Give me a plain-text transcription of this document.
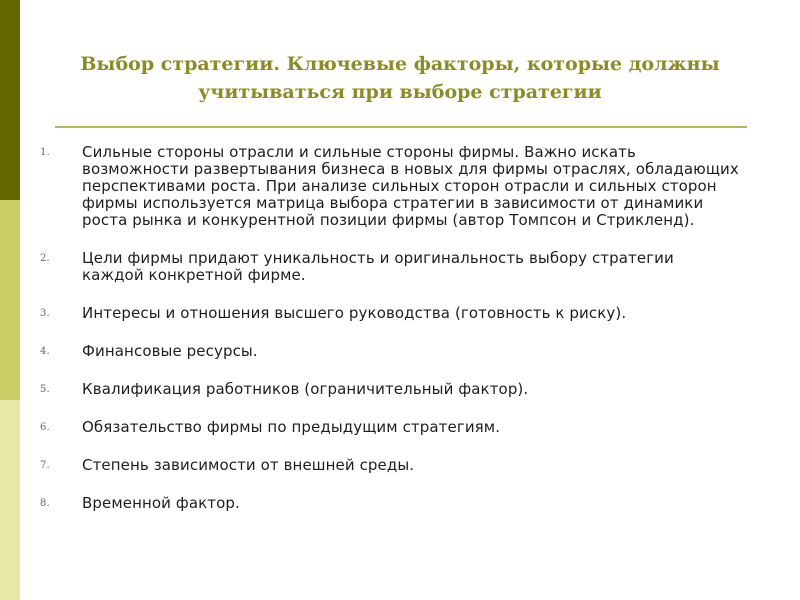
Выбор стратегии. Ключевые факторы, которые должны
учитываться при выборе стратегии
1.	Сильные стороны отрасли и сильные стороны фирмы. Важно искать возможности развертывания бизнеса в новых для фирмы отраслях, обладающих перспективами роста. При анализе сильных сторон отрасли и сильных сторон фирмы используется матрица выбора стратегии в зависимости от динамики роста рынка и конкурентной позиции фирмы (автор Томпсон и Стрикленд).
2.	Цели фирмы придают уникальность и оригинальность выбору стратегии каждой конкретной фирме.
3.	Интересы и отношения высшего руководства (готовность к риску).
4.	Финансовые ресурсы.
5.	Квалификация работников (ограничительный фактор).
6.	Обязательство фирмы по предыдущим стратегиям.
7.	Степень зависимости от внешней среды.
8.	Временной фактор.
